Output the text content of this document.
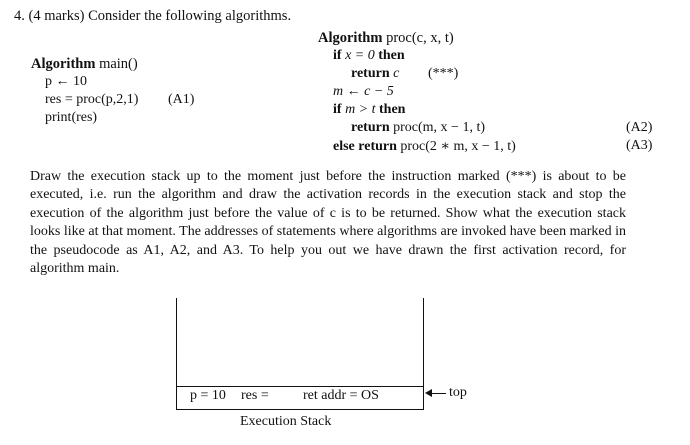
4. (4 marks) Consider the following algorithms.
Algorithm main()
p ← 10
res = proc(p,2,1) (A1)
print(res)
Algorithm proc(c, x, t)
if x = 0 then
return c (***)
m ← c − 5
if m > t then
return proc(m, x − 1, t)
else return proc(2 ∗ m, x − 1, t)
(A2)
(A3)
Draw the execution stack up to the moment just before the instruction marked (***) is about to be executed, i.e. run the algorithm and draw the activation records in the execution stack and stop the execution of the algorithm just before the value of c is to be returned. Show what the execution stack looks like at that moment. The addresses of statements where algorithms are invoked have been marked in the pseudocode as A1, A2, and A3. To help you out we have drawn the first activation record, for algorithm main.
p = 10 res = ret addr = OS	top
Execution Stack
